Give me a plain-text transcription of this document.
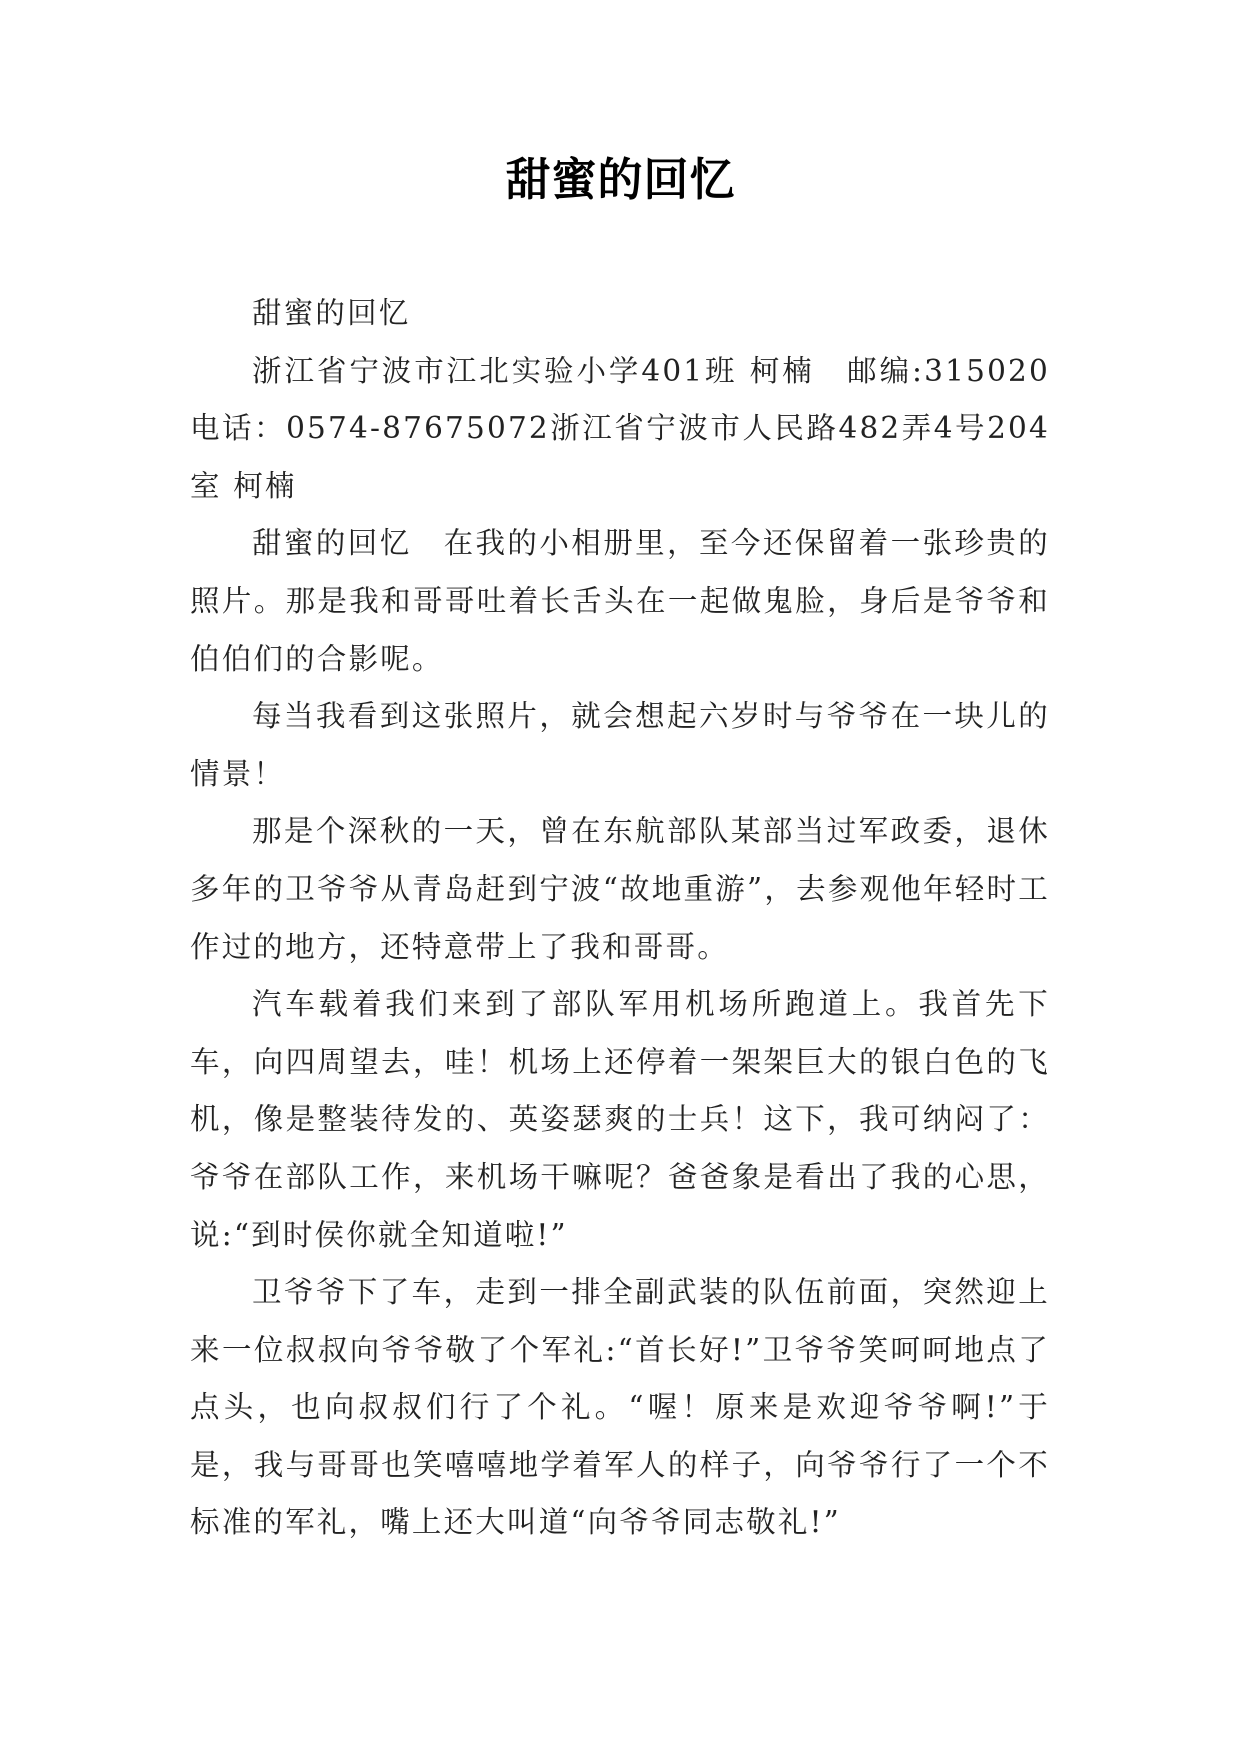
甜蜜的回忆

甜蜜的回忆

浙江省宁波市江北实验小学401班 柯楠　邮编:315020 电话：0574-87675072浙江省宁波市人民路482弄4号204室 柯楠

甜蜜的回忆　在我的小相册里，至今还保留着一张珍贵的照片。那是我和哥哥吐着长舌头在一起做鬼脸，身后是爷爷和伯伯们的合影呢。

每当我看到这张照片，就会想起六岁时与爷爷在一块儿的情景！

那是个深秋的一天，曾在东航部队某部当过军政委，退休多年的卫爷爷从青岛赶到宁波“故地重游”，去参观他年轻时工作过的地方，还特意带上了我和哥哥。

汽车载着我们来到了部队军用机场所跑道上。我首先下车，向四周望去，哇！机场上还停着一架架巨大的银白色的飞机，像是整装待发的、英姿瑟爽的士兵！这下，我可纳闷了：爷爷在部队工作，来机场干嘛呢？爸爸象是看出了我的心思，说:“到时侯你就全知道啦!”

卫爷爷下了车，走到一排全副武装的队伍前面，突然迎上来一位叔叔向爷爷敬了个军礼:“首长好!”卫爷爷笑呵呵地点了点头，也向叔叔们行了个礼。“喔！原来是欢迎爷爷啊!”于是，我与哥哥也笑嘻嘻地学着军人的样子，向爷爷行了一个不标准的军礼，嘴上还大叫道“向爷爷同志敬礼!”
